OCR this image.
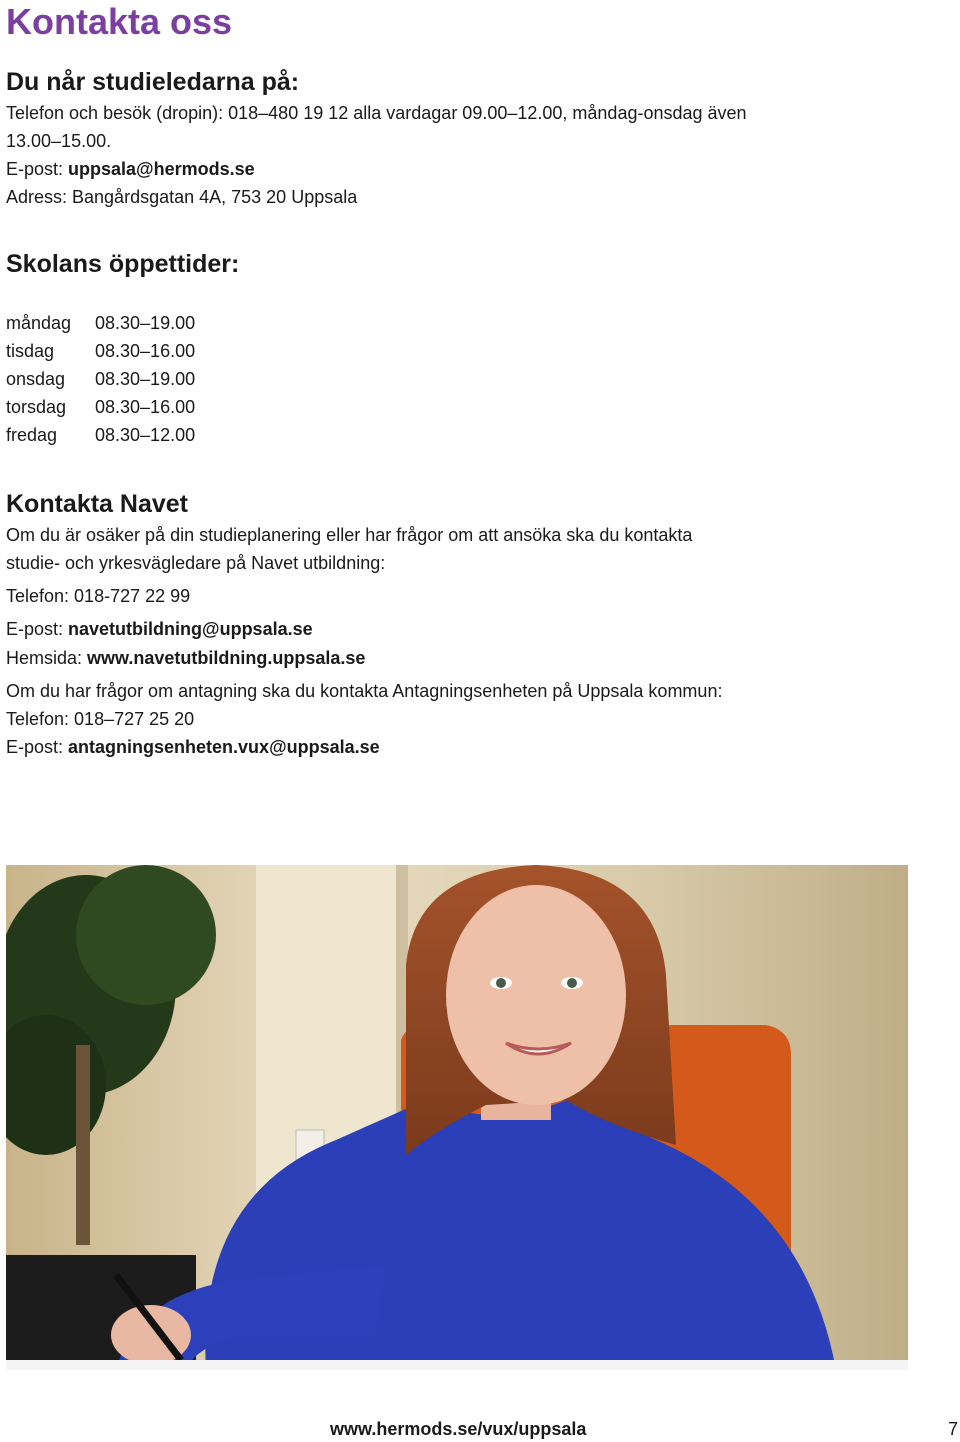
Kontakta oss
Du når studieledarna på:
Telefon och besök (dropin): 018–480 19 12 alla vardagar 09.00–12.00, måndag-onsdag även
13.00–15.00.
E-post: uppsala@hermods.se
Adress: Bangårdsgatan 4A, 753 20 Uppsala
Skolans öppettider:
måndag	08.30–19.00
tisdag	08.30–16.00
onsdag	08.30–19.00
torsdag	08.30–16.00
fredag	08.30–12.00
Kontakta Navet
Om du är osäker på din studieplanering eller har frågor om att ansöka ska du kontakta
studie- och yrkesvägledare på Navet utbildning:
Telefon: 018-727 22 99
E-post: navetutbildning@uppsala.se
Hemsida: www.navetutbildning.uppsala.se
Om du har frågor om antagning ska du kontakta Antagningsenheten på Uppsala kommun:
Telefon: 018–727 25 20
E-post: antagningsenheten.vux@uppsala.se
www.hermods.se/vux/uppsala	7
